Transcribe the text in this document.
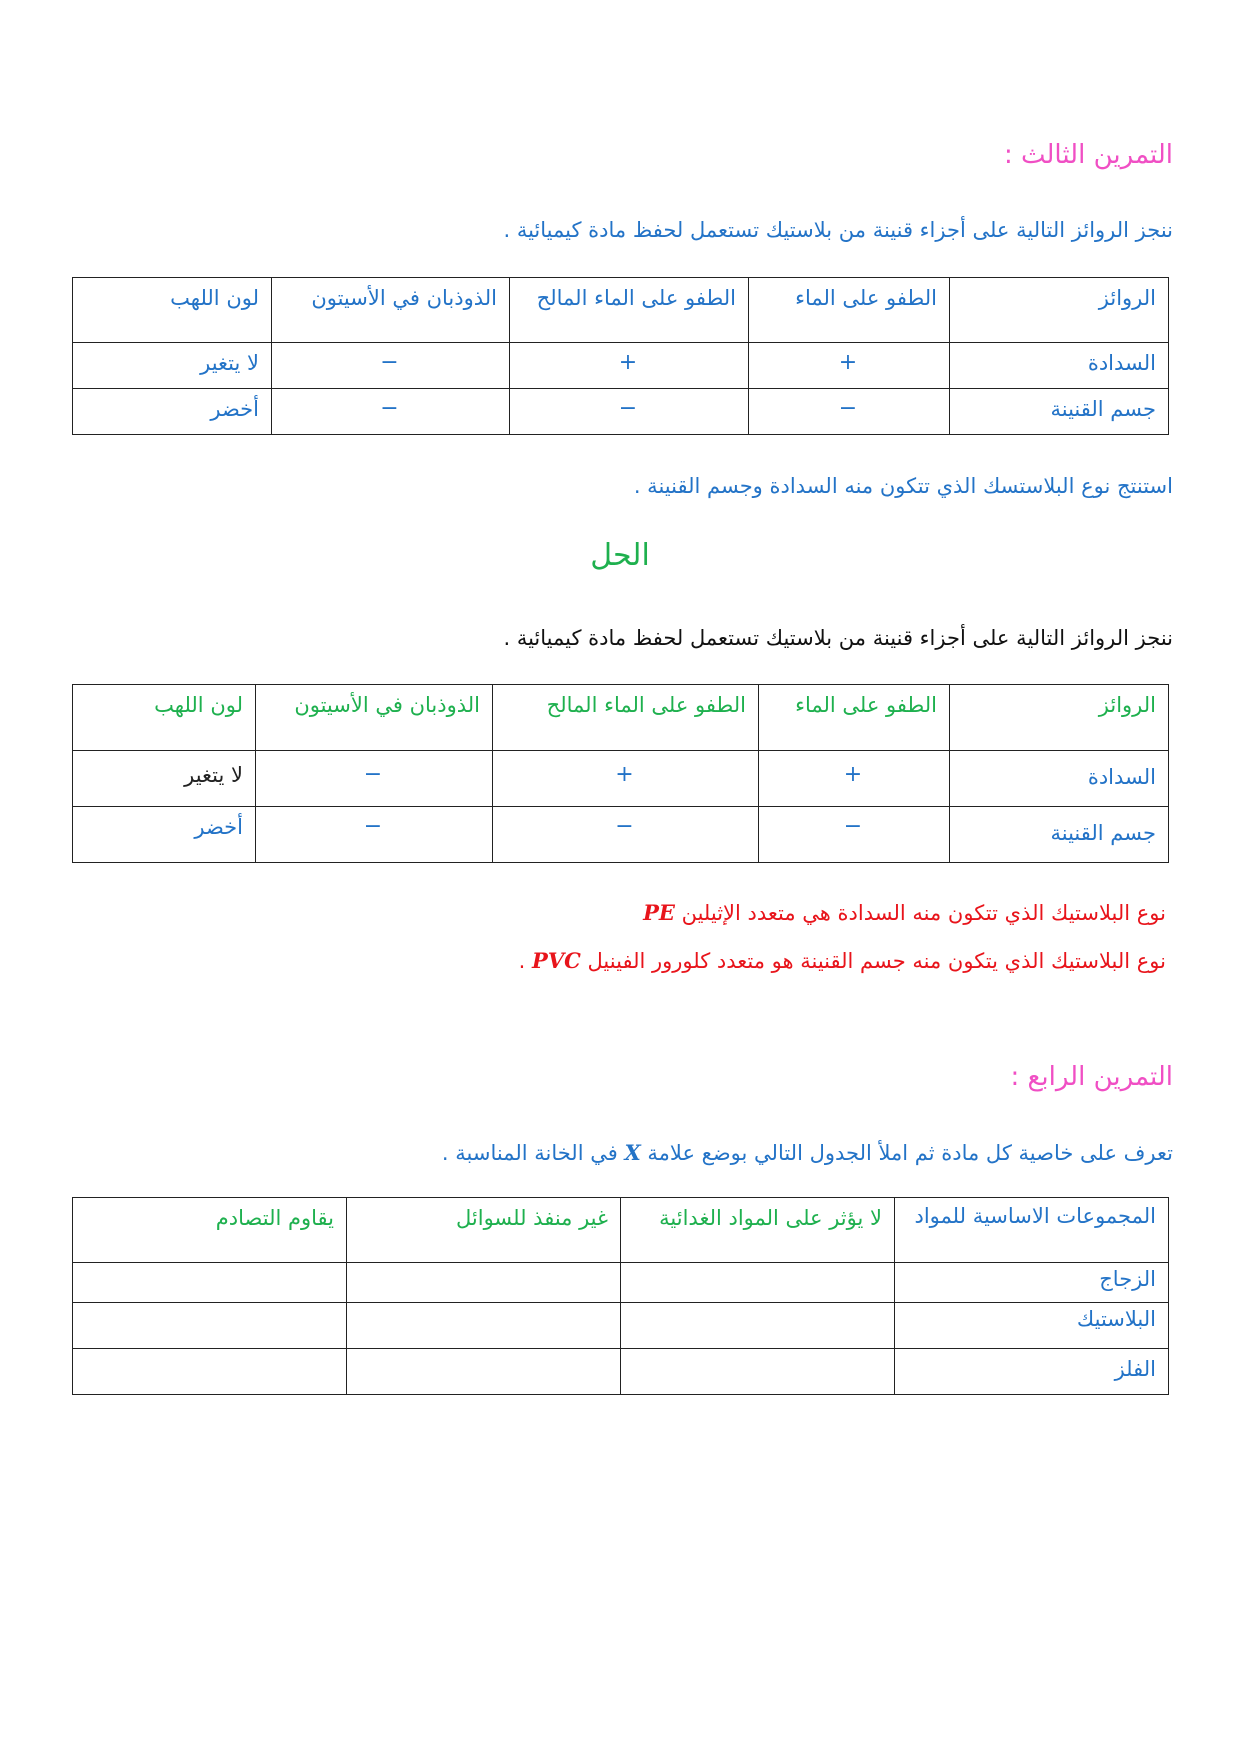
التمرين الثالث :
ننجز الروائز التالية على أجزاء قنينة من بلاستيك تستعمل لحفظ مادة كيميائية .
الروائز	الطفو على الماء	الطفو على الماء المالح	الذوذبان في الأسيتون	لون اللهب
السدادة	+	+	−	لا يتغير
جسم القنينة	−	−	−	أخضر
استنتج نوع البلاستسك الذي تتكون منه السدادة وجسم القنينة .
الحل
ننجز الروائز التالية على أجزاء قنينة من بلاستيك تستعمل لحفظ مادة كيميائية .
الروائز	الطفو على الماء	الطفو على الماء المالح	الذوذبان في الأسيتون	لون اللهب
السدادة	+	+	−	لا يتغير
جسم القنينة	−	−	−	أخضر
نوع البلاستيك الذي تتكون منه السدادة هي متعدد الإثيلين PE
نوع البلاستيك الذي يتكون منه جسم القنينة هو متعدد كلورور الفينيل PVC .
التمرين الرابع :
تعرف على خاصية كل مادة ثم املأ الجدول التالي بوضع علامة X في الخانة المناسبة .
المجموعات الاساسية للمواد	لا يؤثر على المواد الغدائية	غير منفذ للسوائل	يقاوم التصادم
الزجاج			
البلاستيك			
الفلز			
